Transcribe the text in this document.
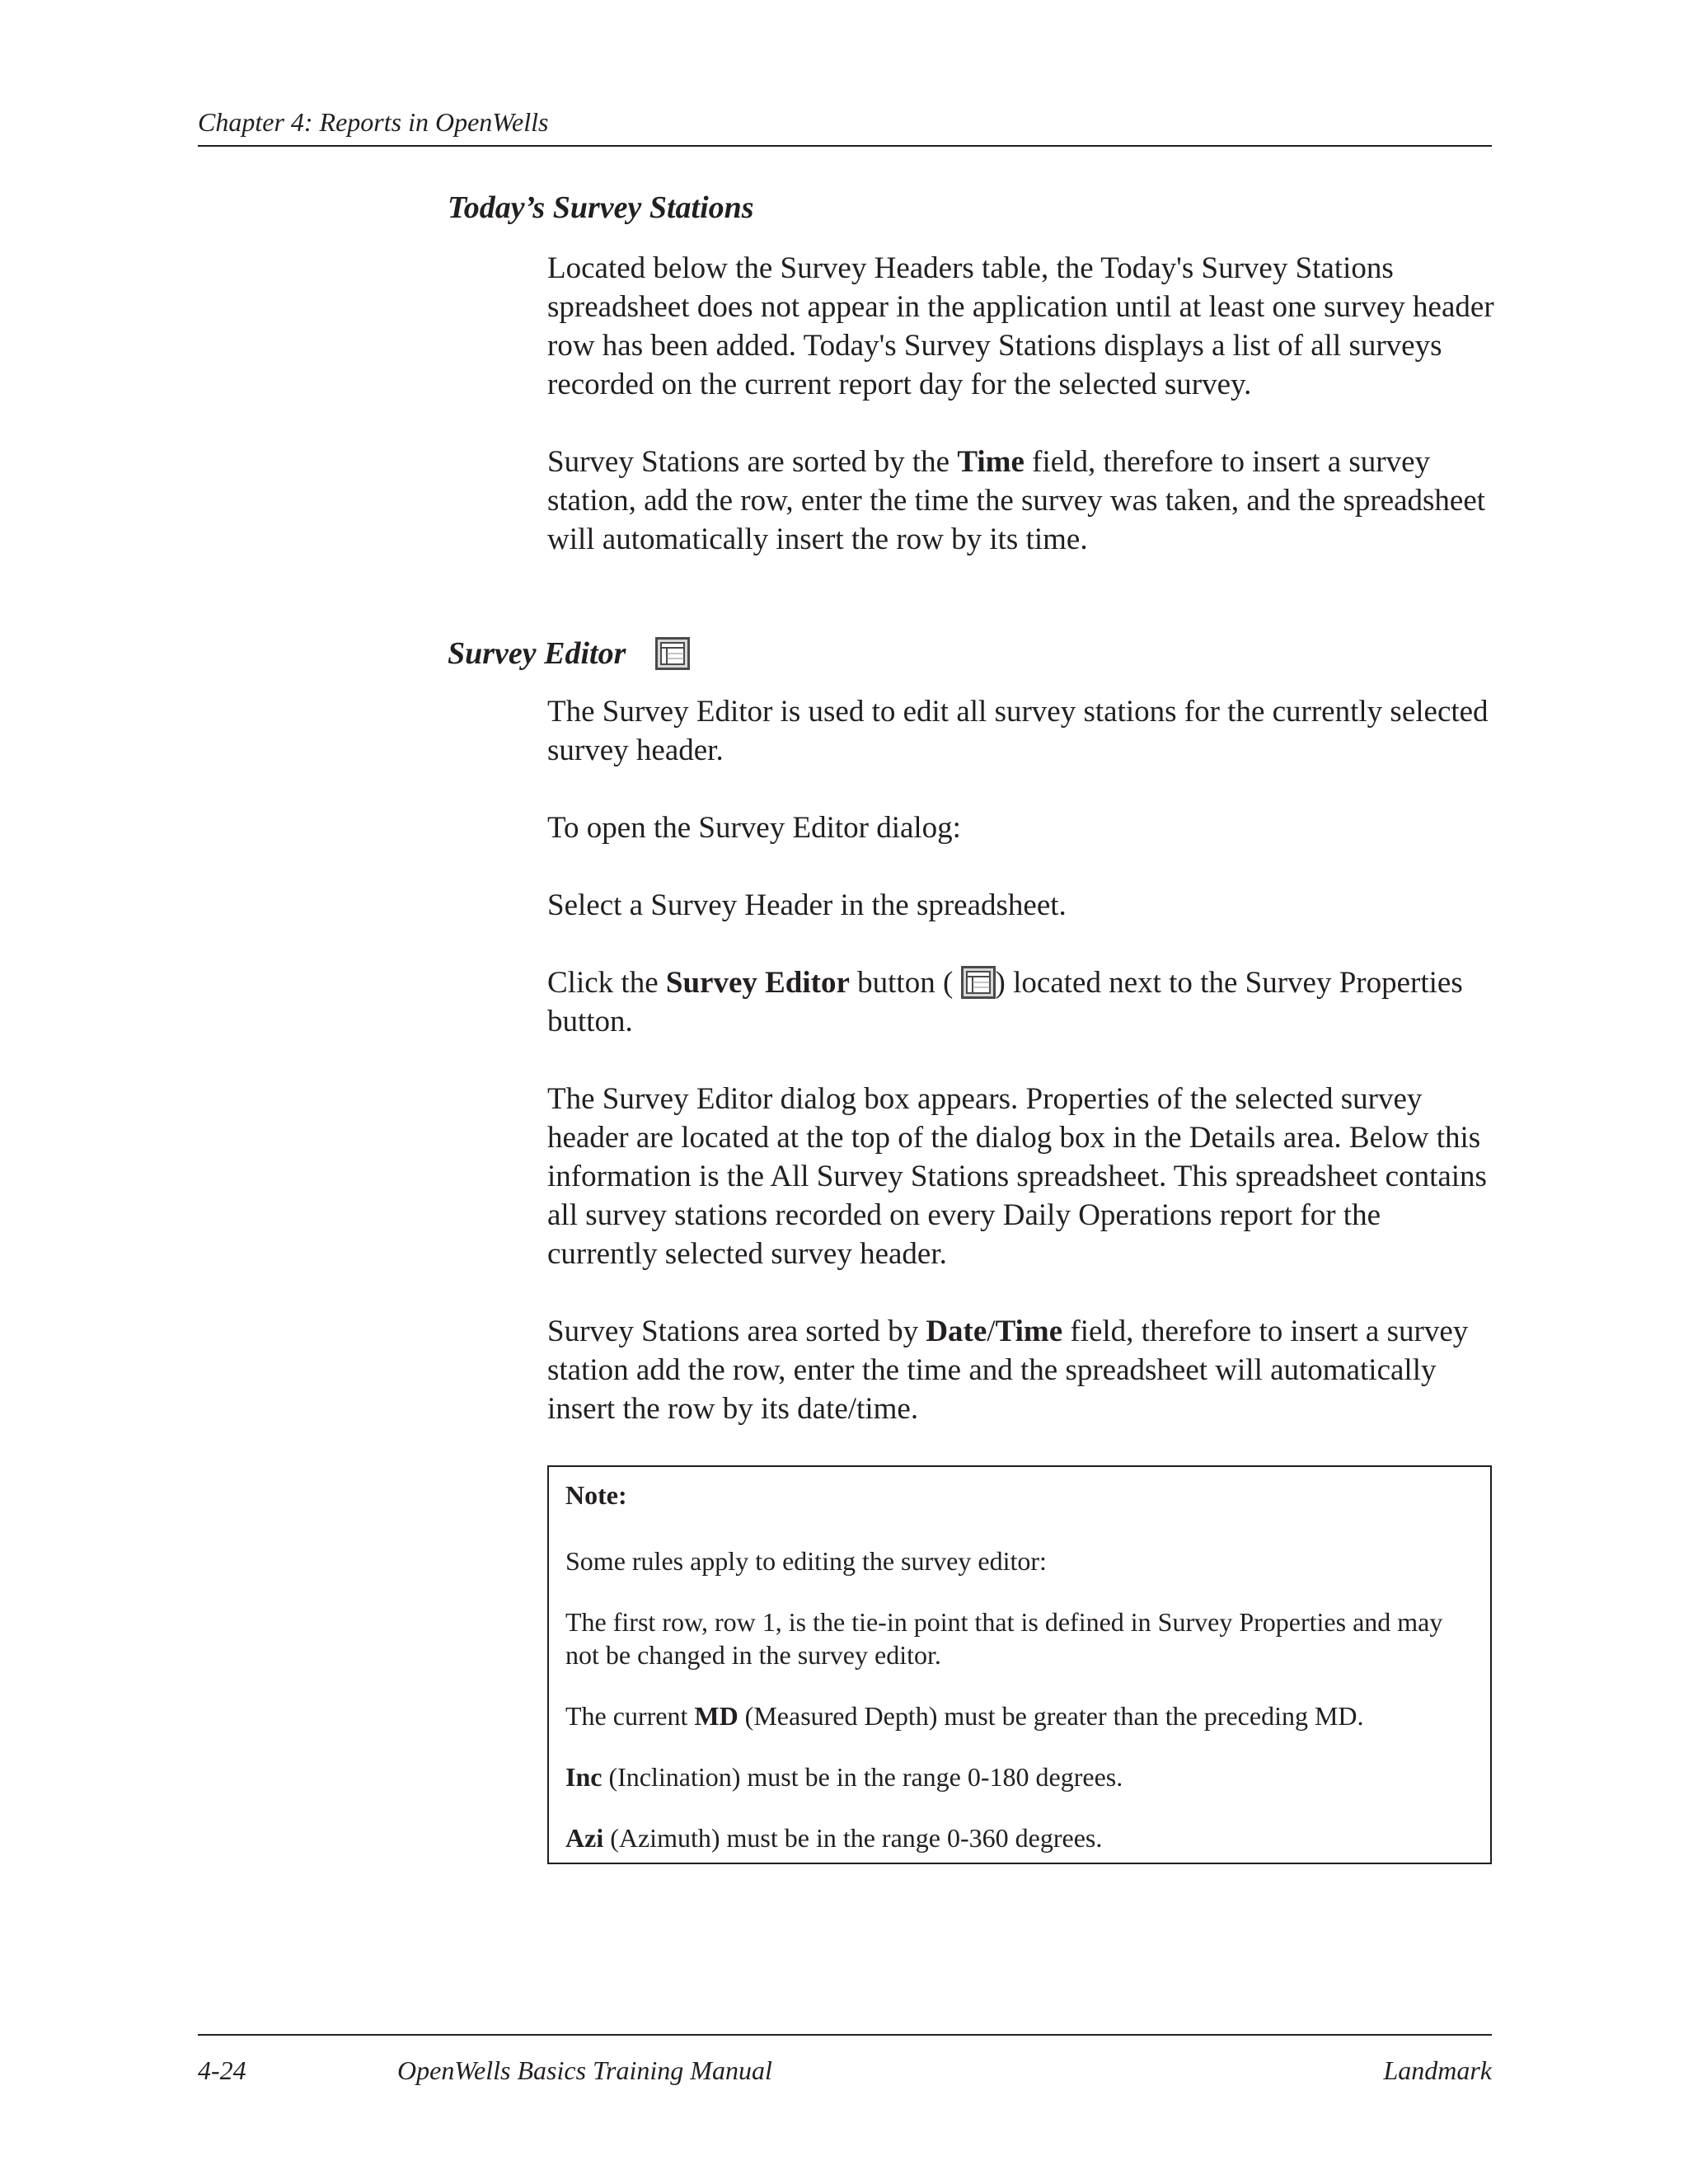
Chapter 4: Reports in OpenWells
Today’s Survey Stations

Located below the Survey Headers table, the Today's Survey Stations spreadsheet does not appear in the application until at least one survey header row has been added. Today's Survey Stations displays a list of all surveys recorded on the current report day for the selected survey.

Survey Stations are sorted by the Time field, therefore to insert a survey station, add the row, enter the time the survey was taken, and the spreadsheet will automatically insert the row by its time.

Survey Editor

The Survey Editor is used to edit all survey stations for the currently selected survey header.

To open the Survey Editor dialog:

Select a Survey Header in the spreadsheet.

Click the Survey Editor button (
) located next to the Survey Properties button.

The Survey Editor dialog box appears. Properties of the selected survey header are located at the top of the dialog box in the Details area. Below this information is the All Survey Stations spreadsheet. This spreadsheet contains all survey stations recorded on every Daily Operations report for the currently selected survey header.

Survey Stations area sorted by Date/Time field, therefore to insert a survey station add the row, enter the time and the spreadsheet will automatically insert the row by its date/time.

Note:

Some rules apply to editing the survey editor:

The first row, row 1, is the tie-in point that is defined in Survey Properties and may not be changed in the survey editor.

The current MD (Measured Depth) must be greater than the preceding MD.

Inc (Inclination) must be in the range 0-180 degrees.

Azi (Azimuth) must be in the range 0-360 degrees.

4-24	OpenWells Basics Training Manual	Landmark
